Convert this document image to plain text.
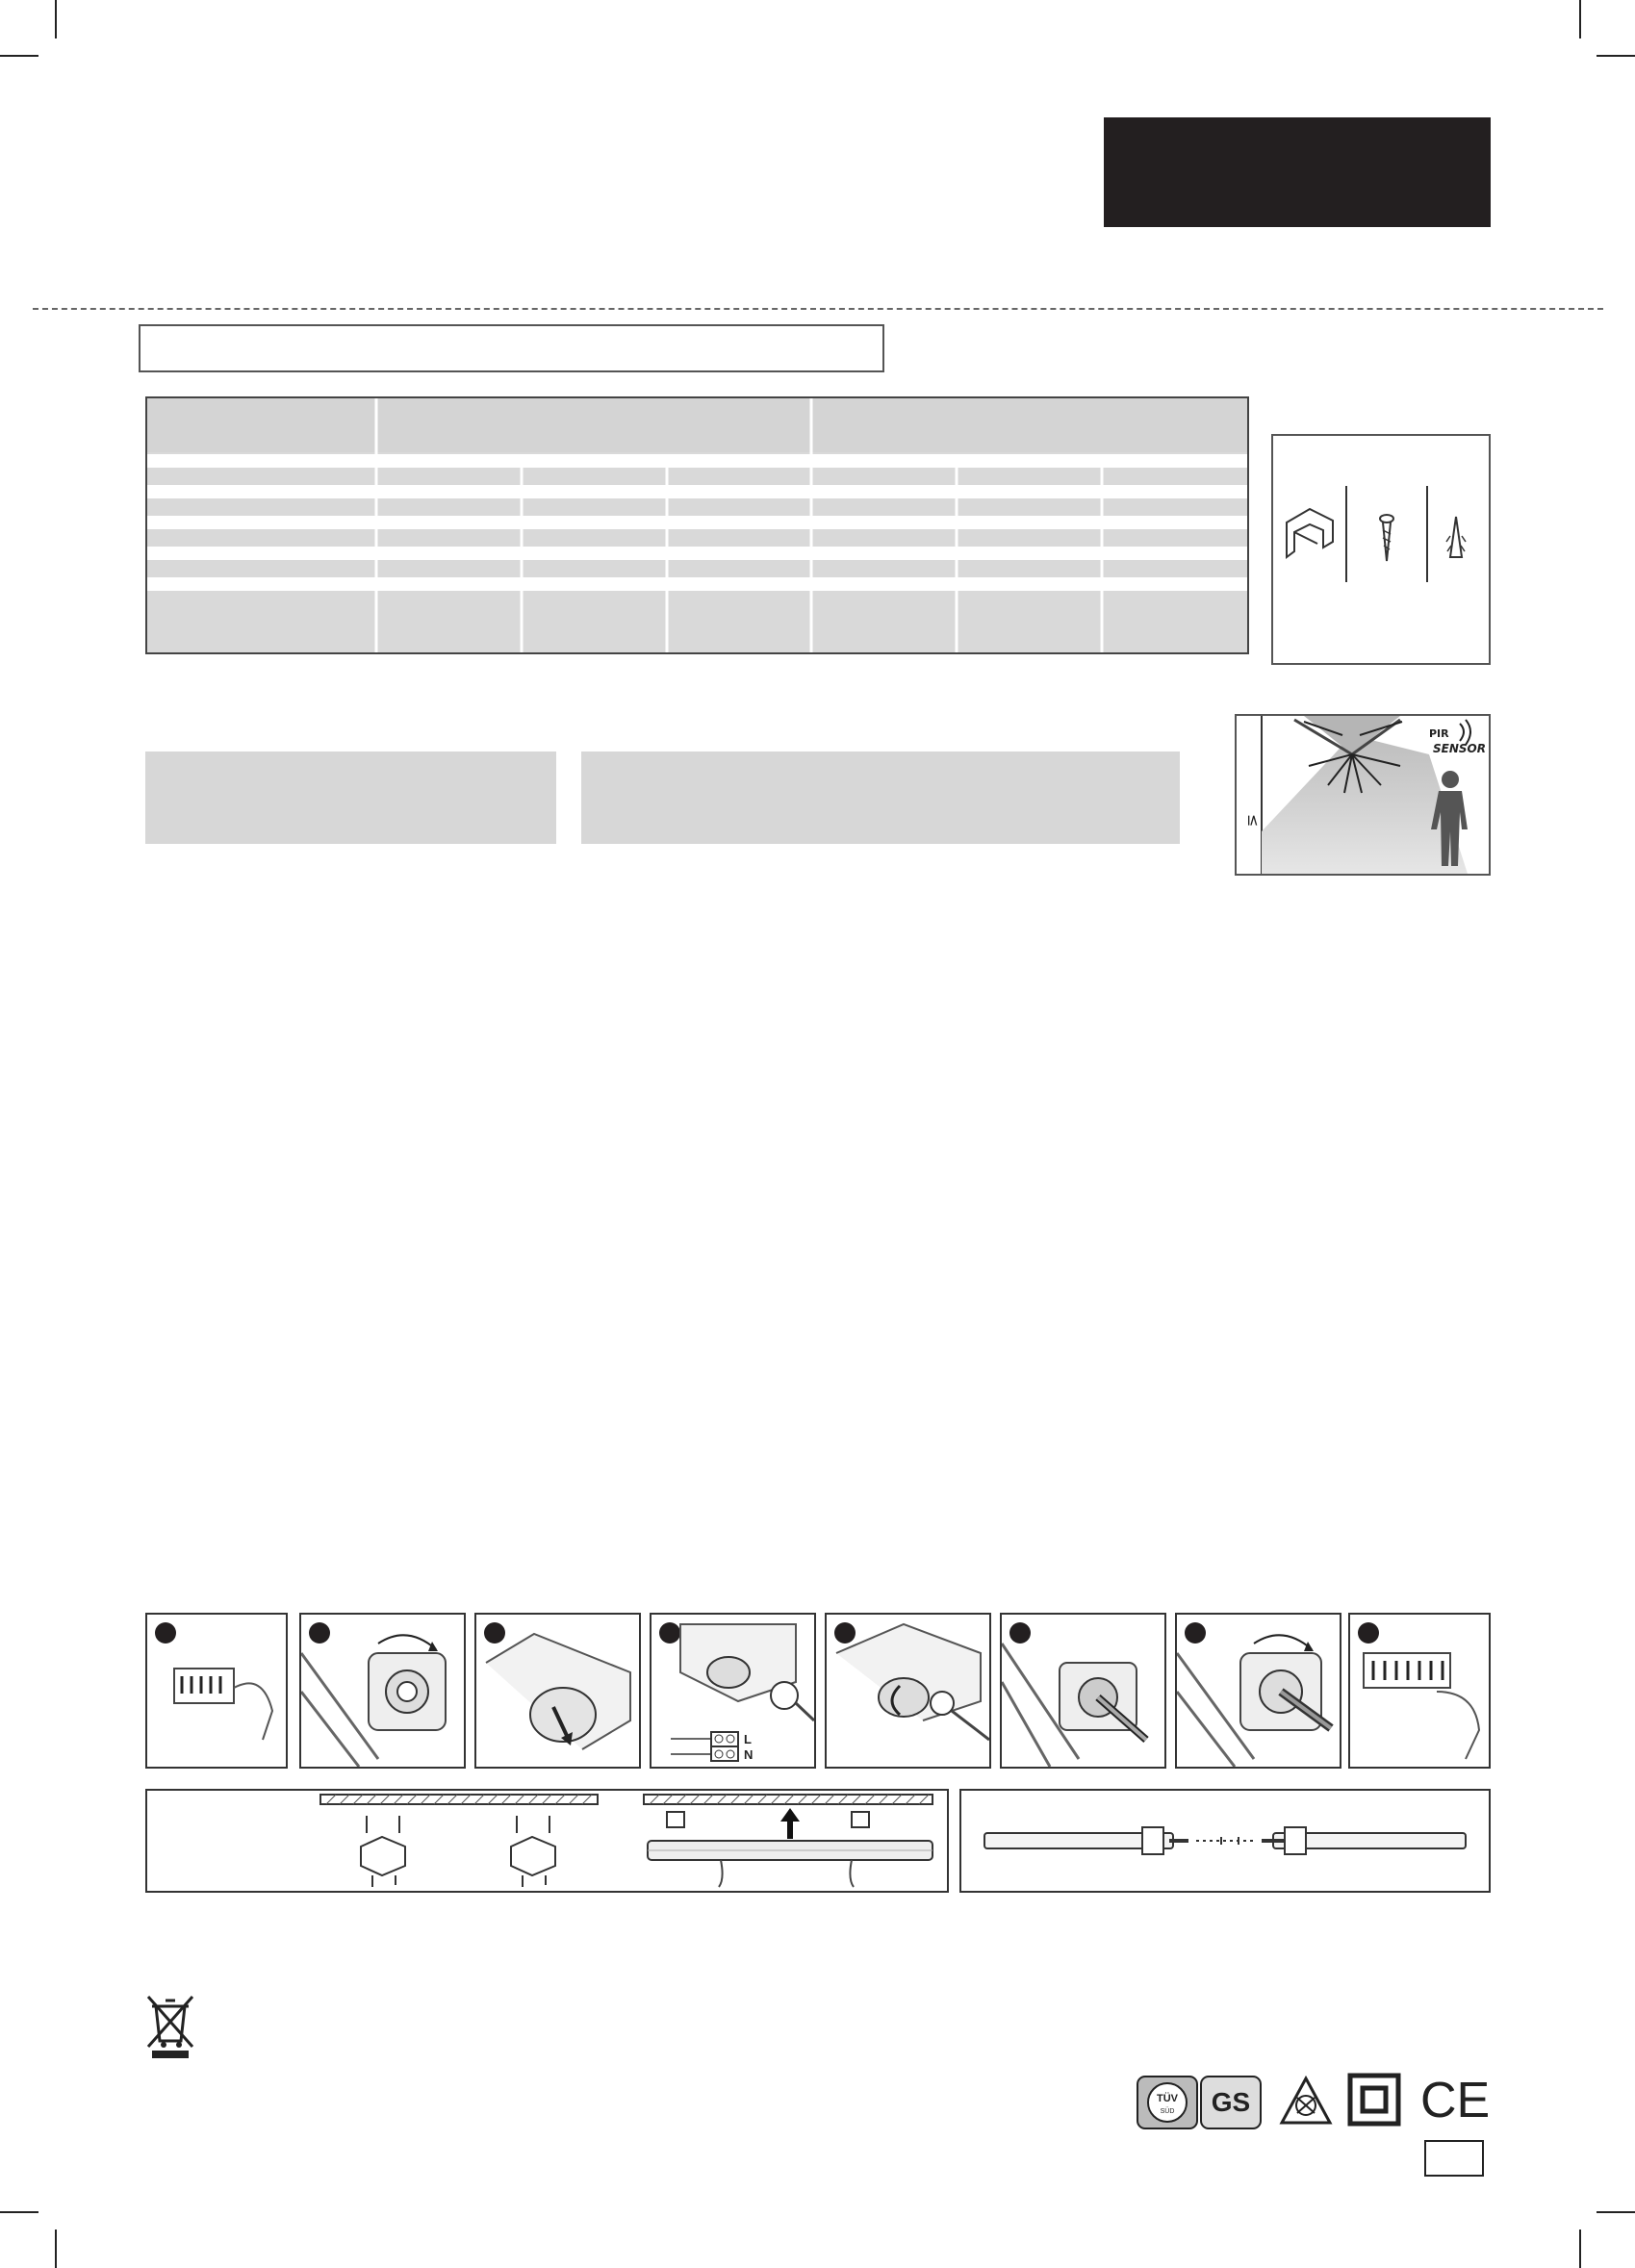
≤
PIR
SENSOR
L
N
TÜV
SÜD GS	CE
